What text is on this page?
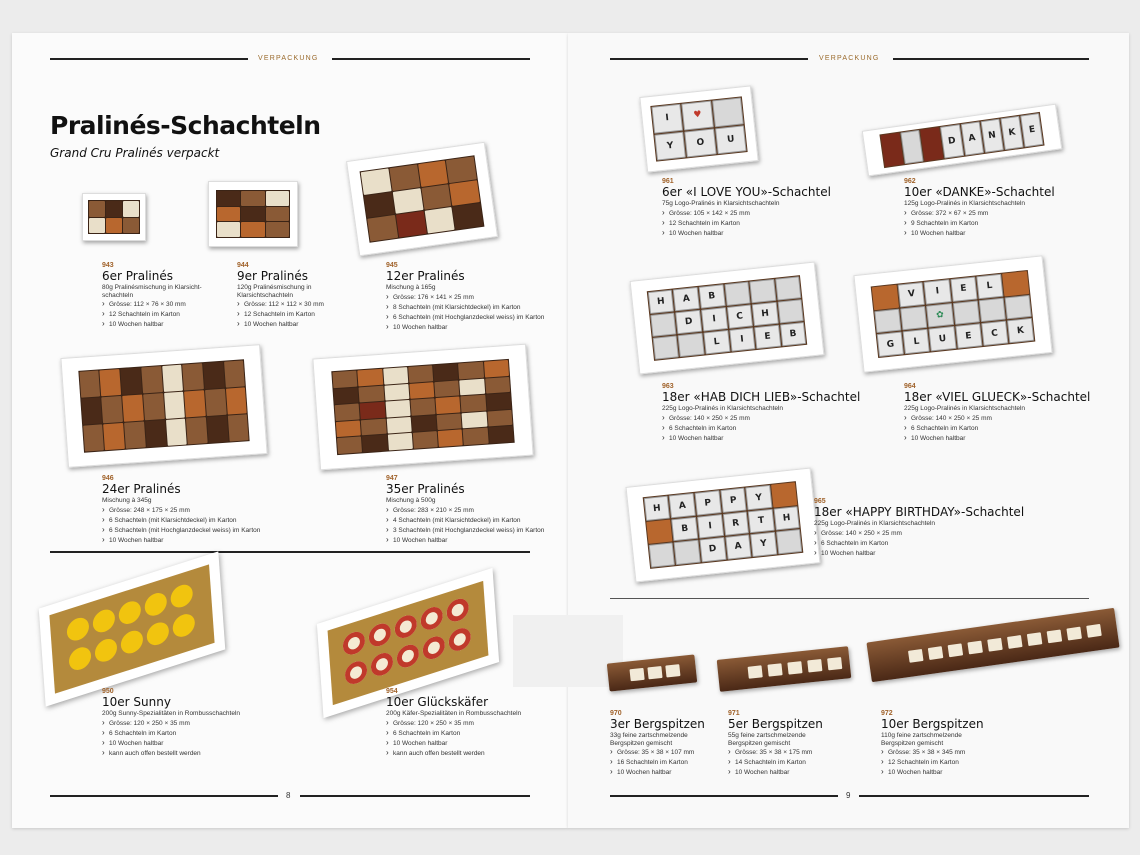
VERPACKUNG
Pralinés-Schachteln
Grand Cru Pralinés verpackt
943
6er Pralinés
80g Pralinésmischung in Klarsicht-schachteln
› Grösse: 112 × 76 × 30 mm
› 12 Schachteln im Karton
› 10 Wochen haltbar
944
9er Pralinés
120g Pralinésmischung in Klarsichtschachteln
› Grösse: 112 × 112 × 30 mm
› 12 Schachteln im Karton
› 10 Wochen haltbar
945
12er Pralinés
Mischung à 165g
› Grösse: 176 × 141 × 25 mm
› 8 Schachteln (mit Klarsichtdeckel) im Karton
› 6 Schachteln (mit Hochglanzdeckel weiss) im Karton
› 10 Wochen haltbar
946
24er Pralinés
Mischung à 345g
› Grösse: 248 × 175 × 25 mm
› 6 Schachteln (mit Klarsichtdeckel) im Karton
› 6 Schachteln (mit Hochglanzdeckel weiss) im Karton
› 10 Wochen haltbar
947
35er Pralinés
Mischung à 500g
› Grösse: 283 × 210 × 25 mm
› 4 Schachteln (mit Klarsichtdeckel) im Karton
› 3 Schachteln (mit Hochglanzdeckel weiss) im Karton
› 10 Wochen haltbar
950
10er Sunny
200g Sunny-Spezialitäten in Rombusschachteln
› Grösse: 120 × 250 × 35 mm
› 6 Schachteln im Karton
› 10 Wochen haltbar
› kann auch offen bestellt werden
954
10er Glückskäfer
200g Käfer-Spezialitäten in Rombusschachteln
› Grösse: 120 × 250 × 35 mm
› 6 Schachteln im Karton
› 10 Wochen haltbar
› kann auch offen bestellt werden
8
VERPACKUNG
I	♥
Y	O	U	D	A	N	K	E
961
6er «I LOVE YOU»-Schachtel
75g Logo-Pralinés in Klarsichtschachteln
› Grösse: 105 × 142 × 25 mm
› 12 Schachteln im Karton
› 10 Wochen haltbar
962
10er «DANKE»-Schachtel
125g Logo-Pralinés in Klarsichtschachteln
› Grösse: 372 × 67 × 25 mm
› 9 Schachteln im Karton
› 10 Wochen haltbar
H	A	B
D	I	C	H
L	I	E	B
V	I	E	L
✿
G	L	U	E	C	K
963
18er «HAB DICH LIEB»-Schachtel
225g Logo-Pralinés in Klarsichtschachteln
› Grösse: 140 × 250 × 25 mm
› 6 Schachteln im Karton
› 10 Wochen haltbar
964
18er «VIEL GLUECK»-Schachtel
225g Logo-Pralinés in Klarsichtschachteln
› Grösse: 140 × 250 × 25 mm
› 6 Schachteln im Karton
› 10 Wochen haltbar
H	A	P	P	Y
B	I	R	T	H
D	A	Y
965
18er «HAPPY BIRTHDAY»-Schachtel
225g Logo-Pralinés in Klarsichtschachteln
› Grösse: 140 × 250 × 25 mm
› 6 Schachteln im Karton
› 10 Wochen haltbar
970
3er Bergspitzen
33g feine zartschmelzende Bergspitzen gemischt
› Grösse: 35 × 38 × 107 mm
› 16 Schachteln im Karton
› 10 Wochen haltbar
971
5er Bergspitzen
55g feine zartschmelzende Bergspitzen gemischt
› Grösse: 35 × 38 × 175 mm
› 14 Schachteln im Karton
› 10 Wochen haltbar
972
10er Bergspitzen
110g feine zartschmelzende Bergspitzen gemischt
› Grösse: 35 × 38 × 345 mm
› 12 Schachteln im Karton
› 10 Wochen haltbar
9
